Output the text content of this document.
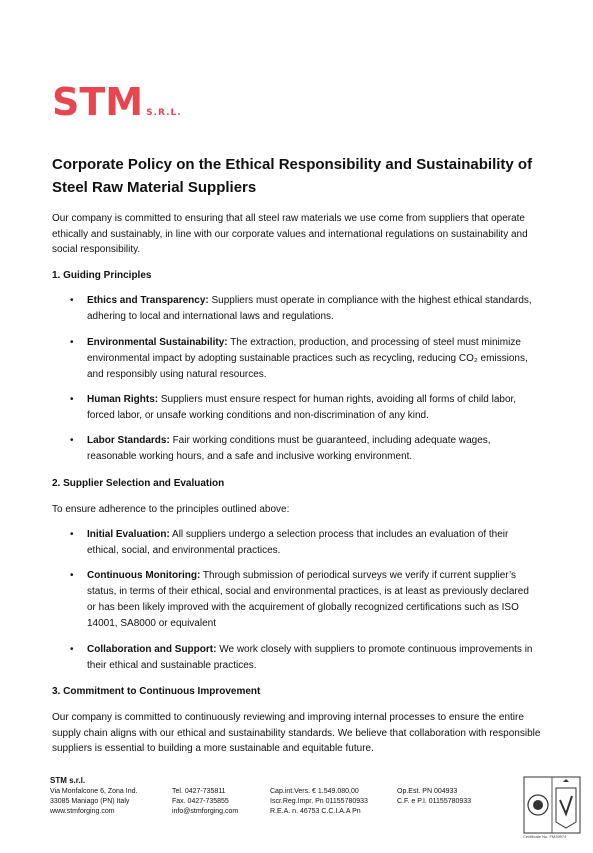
STM S.R.L.
Corporate Policy on the Ethical Responsibility and Sustainability of Steel Raw Material Suppliers

Our company is committed to ensuring that all steel raw materials we use come from suppliers that operate ethically and sustainably, in line with our corporate values and international regulations on sustainability and social responsibility.

1. Guiding Principles
• Ethics and Transparency: Suppliers must operate in compliance with the highest ethical standards, adhering to local and international laws and regulations.
• Environmental Sustainability: The extraction, production, and processing of steel must minimize environmental impact by adopting sustainable practices such as recycling, reducing CO₂ emissions, and responsibly using natural resources.
• Human Rights: Suppliers must ensure respect for human rights, avoiding all forms of child labor, forced labor, or unsafe working conditions and non-discrimination of any kind.
• Labor Standards: Fair working conditions must be guaranteed, including adequate wages, reasonable working hours, and a safe and inclusive working environment.
2. Supplier Selection and Evaluation

To ensure adherence to the principles outlined above:

• Initial Evaluation: All suppliers undergo a selection process that includes an evaluation of their ethical, social, and environmental practices.
• Continuous Monitoring: Through submission of periodical surveys we verify if current supplier’s status, in terms of their ethical, social and environmental practices, is at least as previously declared or has been likely improved with the acquirement of globally recognized certifications such as ISO 14001, SA8000 or equivalent
• Collaboration and Support: We work closely with suppliers to promote continuous improvements in their ethical and sustainable practices.
3. Commitment to Continuous Improvement

Our company is committed to continuously reviewing and improving internal processes to ensure the entire supply chain aligns with our ethical and sustainability standards. We believe that collaboration with responsible suppliers is essential to building a more sustainable and equitable future.

STM s.r.l.
Via Monfalcone 6, Zona Ind.
33085 Maniago (PN) Italy
www.stmforging.com
Tel. 0427-735811
Fax. 0427-735855
info@stmforging.com
Cap.int.Vers. € 1.549.080,00
Iscr.Reg.Impr. Pn 01155780933
R.E.A. n. 46753 C.C.I.A.A Pn
Op.Est. PN 004933
C.F. e P.I. 01155780933
Certificate No. FM39974
